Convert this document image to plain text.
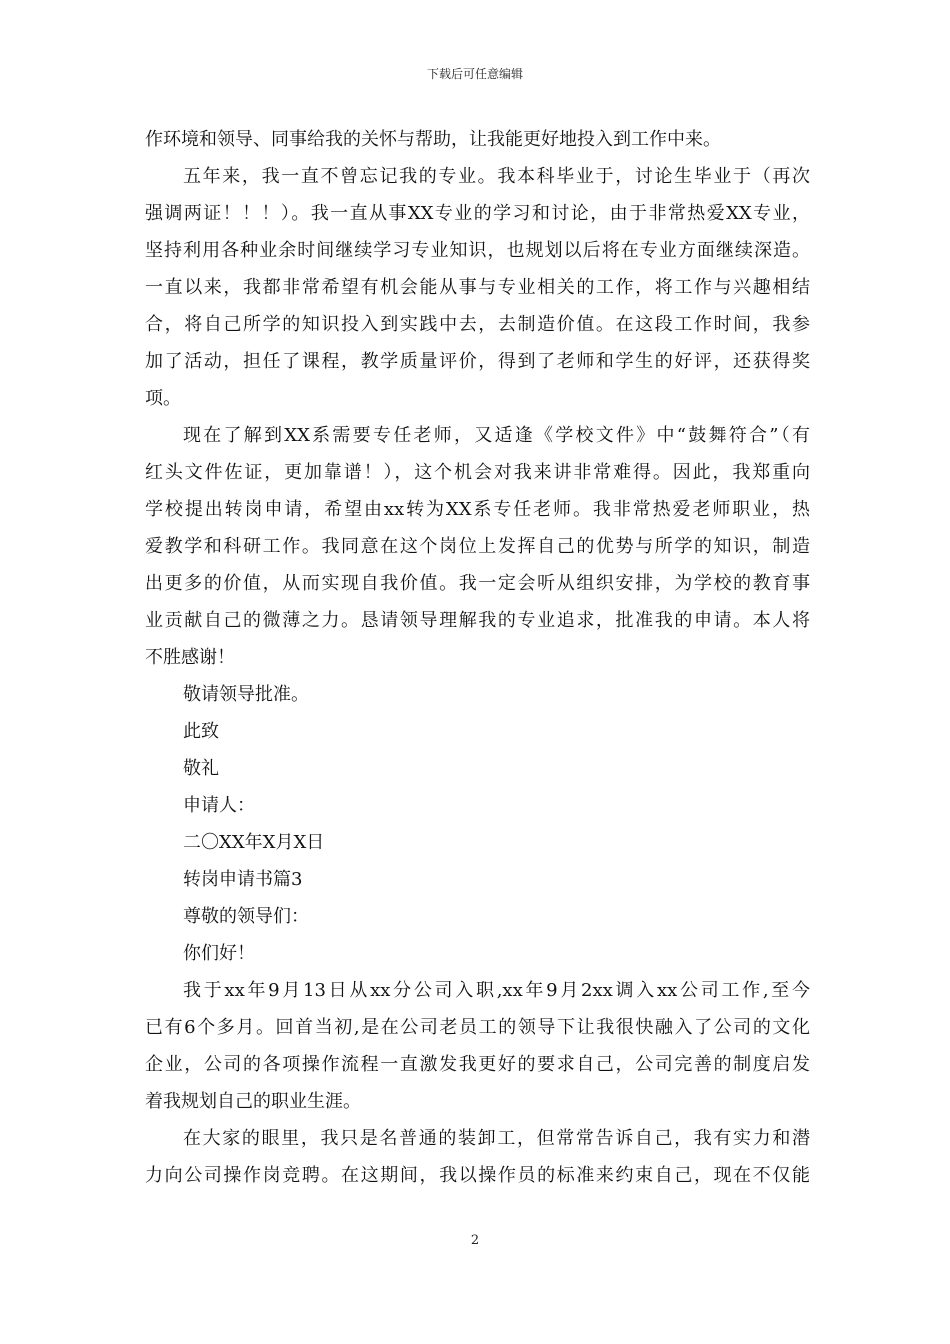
下载后可任意编辑
作环境和领导、同事给我的关怀与帮助，让我能更好地投入到工作中来。
五年来，我一直不曾忘记我的专业。我本科毕业于，讨论生毕业于（再次
强调两证！！！）。我一直从事XX专业的学习和讨论，由于非常热爱XX专业，
坚持利用各种业余时间继续学习专业知识，也规划以后将在专业方面继续深造。
一直以来，我都非常希望有机会能从事与专业相关的工作，将工作与兴趣相结
合，将自己所学的知识投入到实践中去，去制造价值。在这段工作时间，我参
加了活动，担任了课程，教学质量评价，得到了老师和学生的好评，还获得奖
项。
现在了解到XX系需要专任老师，又适逢《学校文件》中“鼓舞符合”（有
红头文件佐证，更加靠谱！），这个机会对我来讲非常难得。因此，我郑重向
学校提出转岗申请，希望由xx转为XX系专任老师。我非常热爱老师职业，热
爱教学和科研工作。我同意在这个岗位上发挥自己的优势与所学的知识，制造
出更多的价值，从而实现自我价值。我一定会听从组织安排，为学校的教育事
业贡献自己的微薄之力。恳请领导理解我的专业追求，批准我的申请。本人将
不胜感谢！
敬请领导批准。
此致
敬礼
申请人：
二〇XX年X月X日
转岗申请书篇3
尊敬的领导们：
你们好！
我于xx年9月13日从xx分公司入职,xx年9月2xx调入xx公司工作,至今
已有6个多月。回首当初,是在公司老员工的领导下让我很快融入了公司的文化
企业，公司的各项操作流程一直激发我更好的要求自己，公司完善的制度启发
着我规划自己的职业生涯。
在大家的眼里，我只是名普通的装卸工，但常常告诉自己，我有实力和潜
力向公司操作岗竞聘。在这期间，我以操作员的标准来约束自己，现在不仅能
2
